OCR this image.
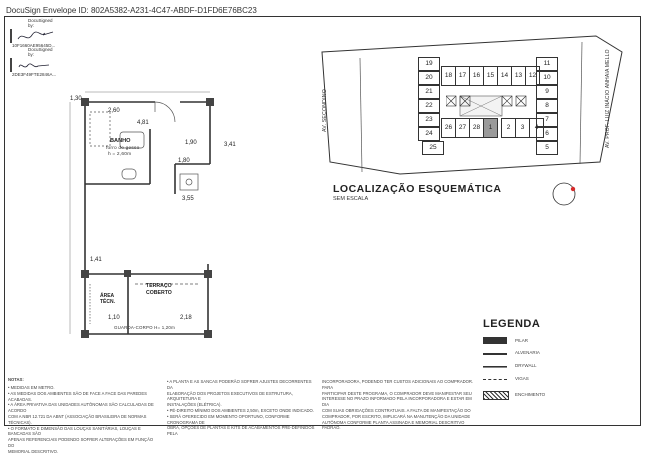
DocuSign Envelope ID: 802A5382-A231-4C47-ABDF-D1FD6E76BC23
DocuSigned by:
10F1660AE95645D...
DocuSigned by:
2DE3F49FTE2846A...
BANHO
forro de gesso
h = 2,60m
ÁREA TÉCN.
TERRAÇO COBERTO
GUARDA-CORPO H= 1,20m
1,30
2,60
4,81
1,90
1,80
3,41
3,55
1,41
1,10	2,18
AV. SECONDINO	AV. PROF. LUIZ INÁCIO ANHAIA MELLO
19
20
21
22
23
24
25
18	17	16	15	14	13	12
11
10
9
8
7
6
5
26	27	28	1	2	3	4
LOCALIZAÇÃO ESQUEMÁTICA
SEM ESCALA
LEGENDA
PILAR
ALVENARIA
DRYWALL
VIGAS
ENCHIMENTO
NOTAS:
• MEDIDAS EM METRO.
• AS MEDIDAS DOS AMBIENTES SÃO DE FACE A FACE DAS PAREDES ACABADAS.
• A ÁREA PRIVATIVA DAS UNIDADES AUTÔNOMAS SÃO CALCULADAS DE ACORDO
COM A NBR 12.721 DA ABNT (ASSOCIAÇÃO BRASILEIRA DE NORMAS TÉCNICAS).
• O FORMATO E DIMENSÃO DAS LOUÇAS SANITÁRIAS, LOUÇAS E BANCADAS SÃO
APENAS REFERENCIAIS PODENDO SOFRER ALTERAÇÕES EM FUNÇÃO DO
MEMORIAL DESCRITIVO.
• A PLANTA E AS SANCAS PODERÃO SOFRER AJUSTES DECORRENTES DA
ELABORAÇÃO DOS PROJETOS EXECUTIVOS DE ESTRUTURA, ARQUITETURA E
INSTALAÇÕES (ELÉTRICA).
• PÉ-DIREITO MÍNIMO DOS AMBIENTES 2,50m, EXCETO ONDE INDICADO.
• SERÁ OFERECIDO EM MOMENTO OPORTUNO, CONFORME CRONOGRAMA DE
OBRA, OPÇÕES DE PLANTAS E KITS DE ACABAMENTOS PRÉ-DEFINIDOS PELA
INCORPORADORA, PODENDO TER CUSTOS ADICIONAIS AO COMPRADOR. PARA
PARTICIPAR DESTE PROGRAMA, O COMPRADOR DEVE MANIFESTAR SEU
INTERESSE NO PRAZO INFORMADO PELA INCORPORADORA E ESTAR EM DIA
COM SUAS OBRIGAÇÕES CONTRATUAIS. A FALTA DE MANIFESTAÇÃO DO
COMPRADOR, POR ESCRITO, IMPLICARÁ NA MANUTENÇÃO DA UNIDADE
AUTÔNOMA CONFORME PLANTA ASSINADA E MEMORIAL DESCRITIVO PADRÃO.
